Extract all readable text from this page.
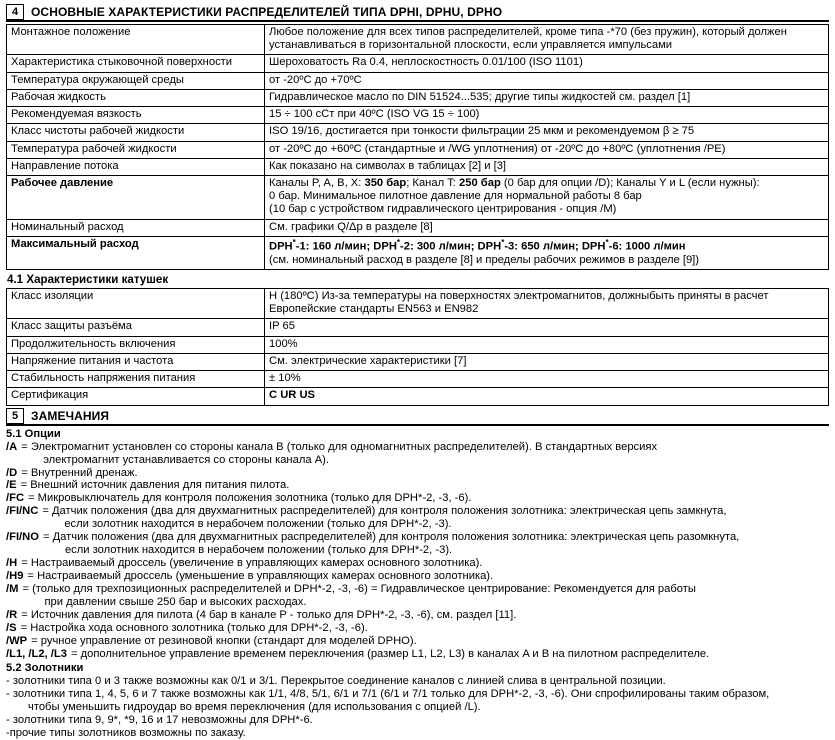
4	ОСНОВНЫЕ ХАРАКТЕРИСТИКИ РАСПРЕДЕЛИТЕЛЕЙ ТИПА DPHI, DPHU, DPHO
Монтажное положение	Любое положение для всех типов распределителей, кроме типа -*70 (без пружин), который должен устанавливаться в горизонтальной плоскости, если управляется импульсами
Характеристика стыковочной поверхности	Шероховатость Ra 0.4, неплоскостность 0.01/100 (ISO 1101)
Температура окружающей среды	от -20ºC до +70ºC
Рабочая жидкость	Гидравлическое масло по DIN 51524...535; другие типы жидкостей см. раздел [1]
Рекомендуемая вязкость	15 ÷ 100 сСт при 40ºC (ISO VG 15 ÷ 100)
Класс чистоты рабочей жидкости	ISO 19/16, достигается при тонкости фильтрации 25 мкм и рекомендуемом β ≥ 75
Температура рабочей жидкости	от -20ºC до +60ºC (стандартные и /WG уплотнения) от -20ºC до +80ºC (уплотнения /PE)
Направление потока	Как показано на символах в таблицах [2] и [3]
Рабочее давление	Каналы P, A, B, X: 350 бар; Канал T: 250 бар (0 бар для опции /D); Каналы Y и L (если нужны):
0 бар. Минимальное пилотное давление для нормальной работы 8 бар
(10 бар с устройством гидравлического центрирования - опция /M)
Номинальный расход	См. графики Q/Δp в разделе [8]
Максимальный расход	DPH*-1: 160 л/мин; DPH*-2: 300 л/мин; DPH*-3: 650 л/мин; DPH*-6: 1000 л/мин
(см. номинальный расход в разделе [8] и пределы рабочих режимов в разделе [9])
4.1 Характеристики катушек
Класс изоляции	H (180ºC) Из-за температуры на поверхностях электромагнитов, должныбыть приняты в расчет Европейские стандарты EN563 и EN982
Класс защиты разъёма	IP 65
Продолжительность включения	100%
Напряжение питания и частота	См. электрические характеристики [7]
Стабильность напряжения питания	± 10%
Сертификация	C UR US
5	ЗАМЕЧАНИЯ
5.1 Опции
/A = Электромагнит установлен со стороны канала B (только для одномагнитных распределителей). В стандартных версиях
электромагнит устанавливается со стороны канала A).
/D = Внутренний дренаж.
/E = Внешний источник давления для питания пилота.
/FC = Микровыключатель для контроля положения золотника (только для DPH*-2, -3, -6).
/FI/NC = Датчик положения (два для двухмагнитных распределителей) для контроля положения золотника: электрическая цепь замкнута,
если золотник находится в нерабочем положении (только для DPH*-2, -3).
/FI/NO = Датчик положения (два для двухмагнитных распределителей) для контроля положения золотника: электрическая цепь разомкнута,
если золотник находится в нерабочем положении (только для DPH*-2, -3).
/H = Настраиваемый дроссель (увеличение в управляющих камерах основного золотника).
/H9 = Настраиваемый дроссель (уменьшение в управляющих камерах основного золотника).
/M = (только для трехпозиционных распределителей и DPH*-2, -3, -6) = Гидравлическое центрирование: Рекомендуется для работы
при давлении свыше 250 бар и высоких расходах.
/R = Источник давления для пилота (4 бар в канале P - только для DPH*-2, -3, -6), см. раздел [11].
/S = Настройка хода основного золотника (только для DPH*-2, -3, -6).
/WP = ручное управление от резиновой кнопки (стандарт для моделей DPHO).
/L1, /L2, /L3 = дополнительное управление временем переключения (размер L1, L2, L3) в каналах A и B на пилотном распределителе.
5.2 Золотники
- золотники типа 0 и 3 также возможны как 0/1 и 3/1. Перекрытое соединение каналов с линией слива в центральной позиции.
- золотники типа 1, 4, 5, 6 и 7 также возможны как 1/1, 4/8, 5/1, 6/1 и 7/1 (6/1 и 7/1 только для DPH*-2, -3, -6). Они спрофилированы таким образом,
чтобы уменьшить гидроудар во время переключения (для использования с опцией /L).
- золотники типа 9, 9*, *9, 16 и 17 невозможны для DPH*-6.
-прочие типы золотников возможны по заказу.
